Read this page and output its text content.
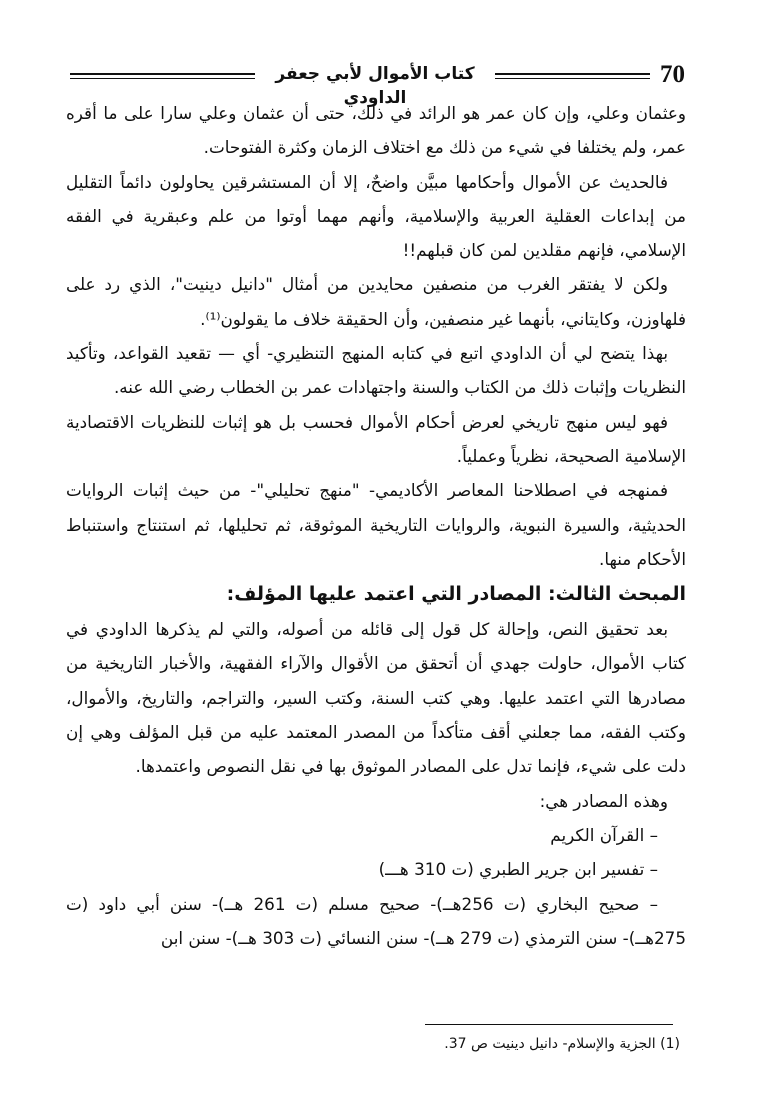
كتاب الأموال لأبي جعفر الداودي
70

وعثمان وعلي، وإن كان عمر هو الرائد في ذلك، حتى أن عثمان وعلي سارا على ما أقره عمر، ولم يختلفا في شيء من ذلك مع اختلاف الزمان وكثرة الفتوحات.

فالحديث عن الأموال وأحكامها مبيَّن واضحٌ، إلا أن المستشرقين يحاولون دائماً التقليل من إبداعات العقلية العربية والإسلامية، وأنهم مهما أوتوا من علم وعبقرية في الفقه الإسلامي، فإنهم مقلدين لمن كان قبلهم!!

ولكن لا يفتقر الغرب من منصفين محايدين من أمثال "دانيل دينيت"، الذي رد على فلهاوزن، وكايتاني، بأنهما غير منصفين، وأن الحقيقة خلاف ما يقولون⁽¹⁾.

بهذا يتضح لي أن الداودي اتبع في كتابه المنهج التنظيري- أي — تقعيد القواعد، وتأكيد النظريات وإثبات ذلك من الكتاب والسنة واجتهادات عمر بن الخطاب رضي الله عنه.

فهو ليس منهج تاريخي لعرض أحكام الأموال فحسب بل هو إثبات للنظريات الاقتصادية الإسلامية الصحيحة، نظرياً وعملياً.

فمنهجه في اصطلاحنا المعاصر الأكاديمي- "منهج تحليلي"- من حيث إثبات الروايات الحديثية، والسيرة النبوية، والروايات التاريخية الموثوقة، ثم تحليلها، ثم استنتاج واستنباط الأحكام منها.

المبحث الثالث: المصادر التي اعتمد عليها المؤلف:

بعد تحقيق النص، وإحالة كل قول إلى قائله من أصوله، والتي لم يذكرها الداودي في كتاب الأموال، حاولت جهدي أن أتحقق من الأقوال والآراء الفقهية، والأخبار التاريخية من مصادرها التي اعتمد عليها. وهي كتب السنة، وكتب السير، والتراجم، والتاريخ، والأموال، وكتب الفقه، مما جعلني أقف متأكداً من المصدر المعتمد عليه من قبل المؤلف وهي إن دلت على شيء، فإنما تدل على المصادر الموثوق بها في نقل النصوص واعتمدها.

وهذه المصادر هي:

– القرآن الكريم

– تفسير ابن جرير الطبري (ت 310 هـــ)

– صحيح البخاري (ت 256هــ)- صحيح مسلم (ت 261 هــ)- سنن أبي داود (ت 275هــ)- سنن الترمذي (ت 279 هــ)- سنن النسائي (ت 303 هــ)- سنن ابن

(1) الجزية والإسلام- دانيل دينيت ص 37.
